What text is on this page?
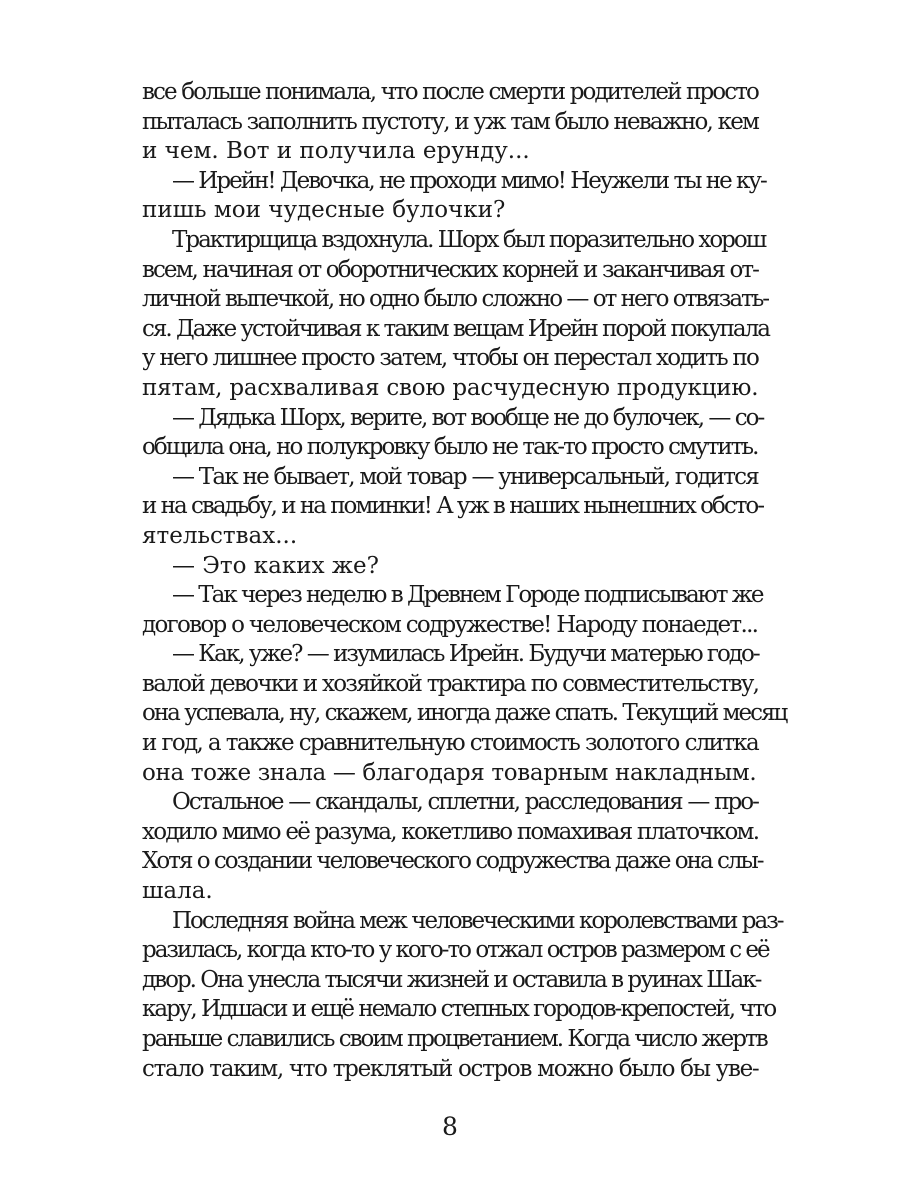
все больше понимала, что после смерти родителей просто
пыталась заполнить пустоту, и уж там было неважно, кем
и чем. Вот и получила ерунду...
— Ирейн! Девочка, не проходи мимо! Неужели ты не ку-
пишь мои чудесные булочки?
Трактирщица вздохнула. Шорх был поразительно хорош
всем, начиная от оборотнических корней и заканчивая от-
личной выпечкой, но одно было сложно — от него отвязать-
ся. Даже устойчивая к таким вещам Ирейн порой покупала
у него лишнее просто затем, чтобы он перестал ходить по
пятам, расхваливая свою расчудесную продукцию.
— Дядька Шорх, верите, вот вообще не до булочек, — со-
общила она, но полукровку было не так-то просто смутить.
— Так не бывает, мой товар — универсальный, годится
и на свадьбу, и на поминки! А уж в наших нынешних обсто-
ятельствах...
— Это каких же?
— Так через неделю в Древнем Городе подписывают же
договор о человеческом содружестве! Народу понаедет...
— Как, уже? — изумилась Ирейн. Будучи матерью годо-
валой девочки и хозяйкой трактира по совместительству,
она успевала, ну, скажем, иногда даже спать. Текущий месяц
и год, а также сравнительную стоимость золотого слитка
она тоже знала — благодаря товарным накладным.
Остальное — скандалы, сплетни, расследования — про-
ходило мимо её разума, кокетливо помахивая платочком.
Хотя о создании человеческого содружества даже она слы-
шала.
Последняя война меж человеческими королевствами раз-
разилась, когда кто-то у кого-то отжал остров размером с её
двор. Она унесла тысячи жизней и оставила в руинах Шак-
кару, Идшаси и ещё немало степных городов-крепостей, что
раньше славились своим процветанием. Когда число жертв
стало таким, что треклятый остров можно было бы уве-
8
